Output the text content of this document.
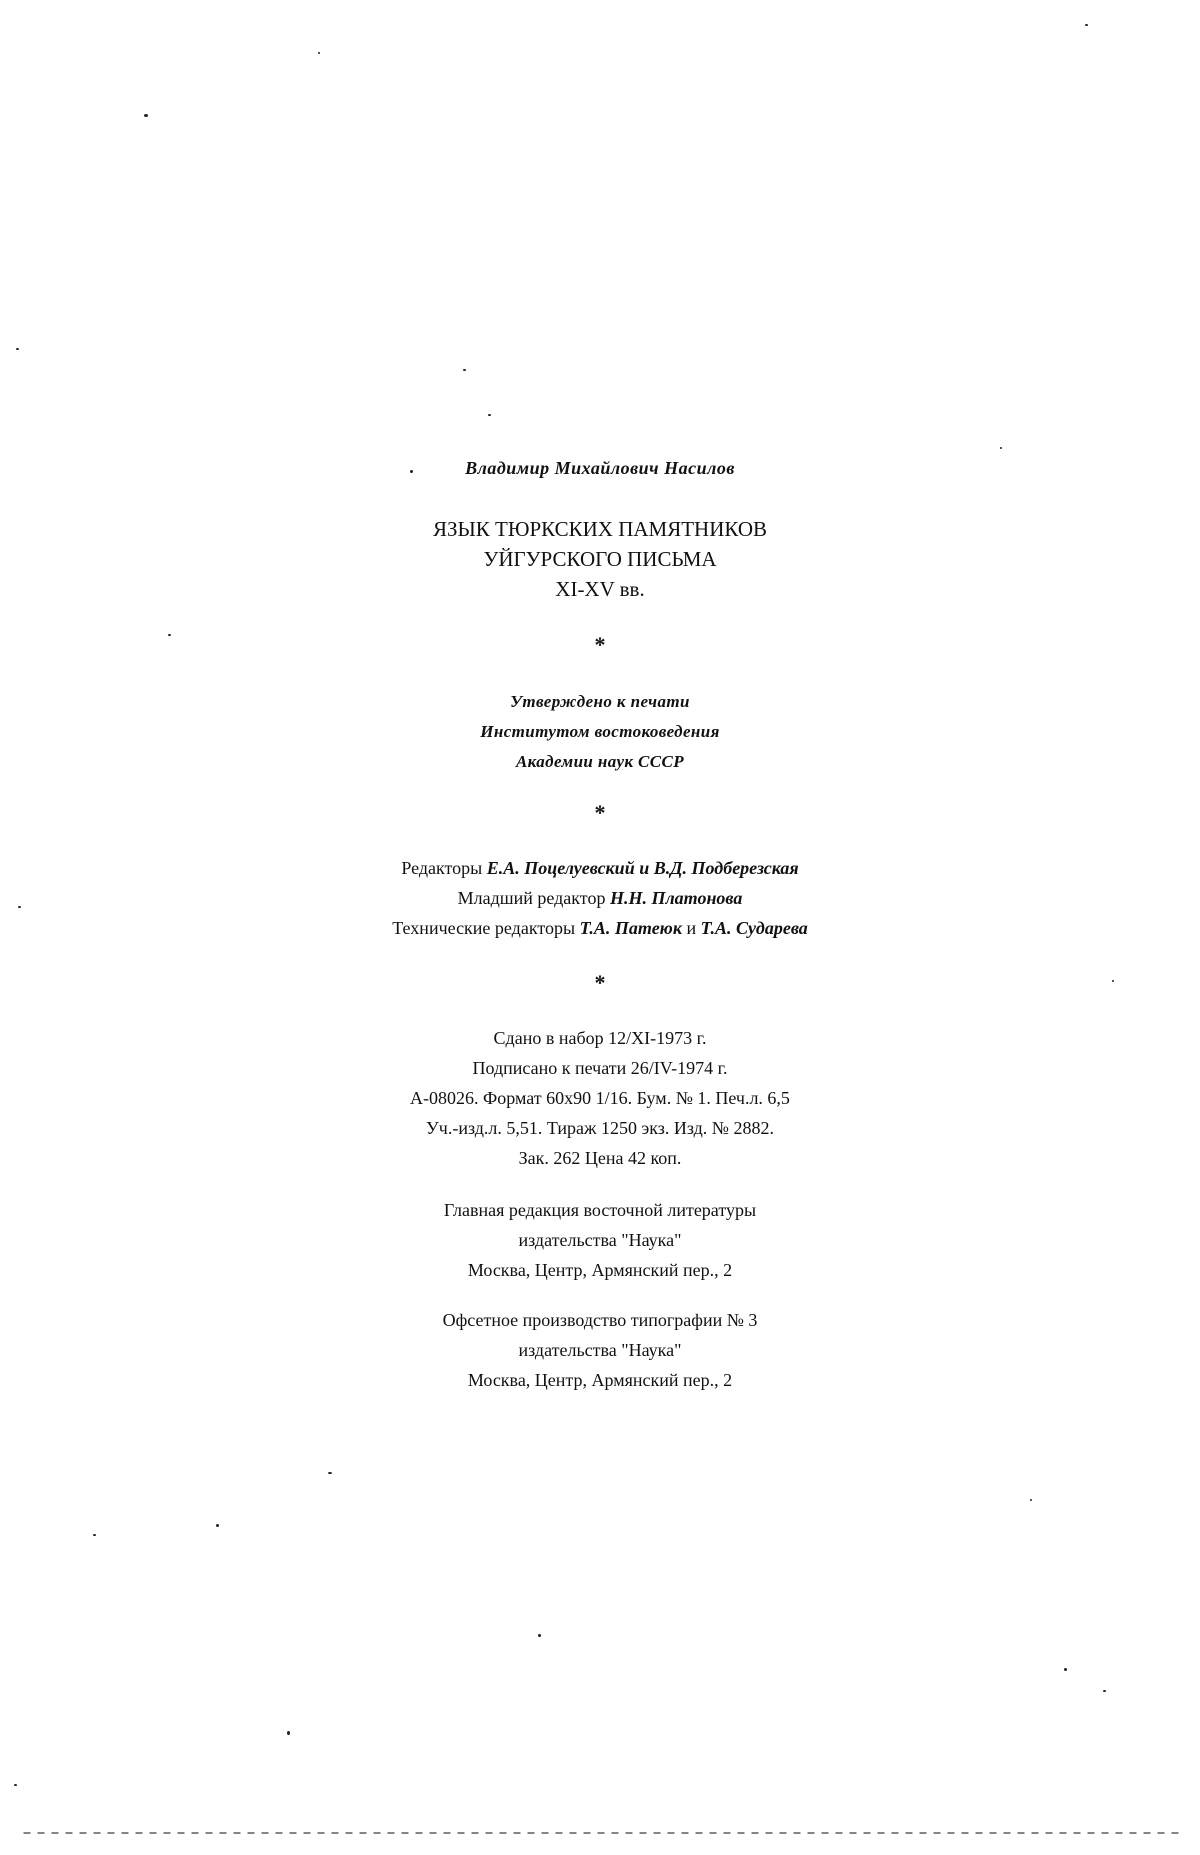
Владимир Михайлович Насилов
ЯЗЫК ТЮРКСКИХ ПАМЯТНИКОВ
УЙГУРСКОГО ПИСЬМА
XI-XV вв.
*
Утверждено к печати
Институтом востоковедения
Академии наук СССР
*
Редакторы Е.А. Поцелуевский и В.Д. Подберезская
Младший редактор Н.Н. Платонова
Технические редакторы Т.А. Патеюк и Т.А. Сударева
*
Сдано в набор 12/XI-1973 г.
Подписано к печати 26/IV-1974 г.
А-08026. Формат 60x90 1/16. Бум. № 1. Печ.л. 6,5
Уч.-изд.л. 5,51. Тираж 1250 экз. Изд. № 2882.
Зак. 262 Цена 42 коп.
Главная редакция восточной литературы
издательства "Наука"
Москва, Центр, Армянский пер., 2
Офсетное производство типографии № 3
издательства "Наука"
Москва, Центр, Армянский пер., 2
